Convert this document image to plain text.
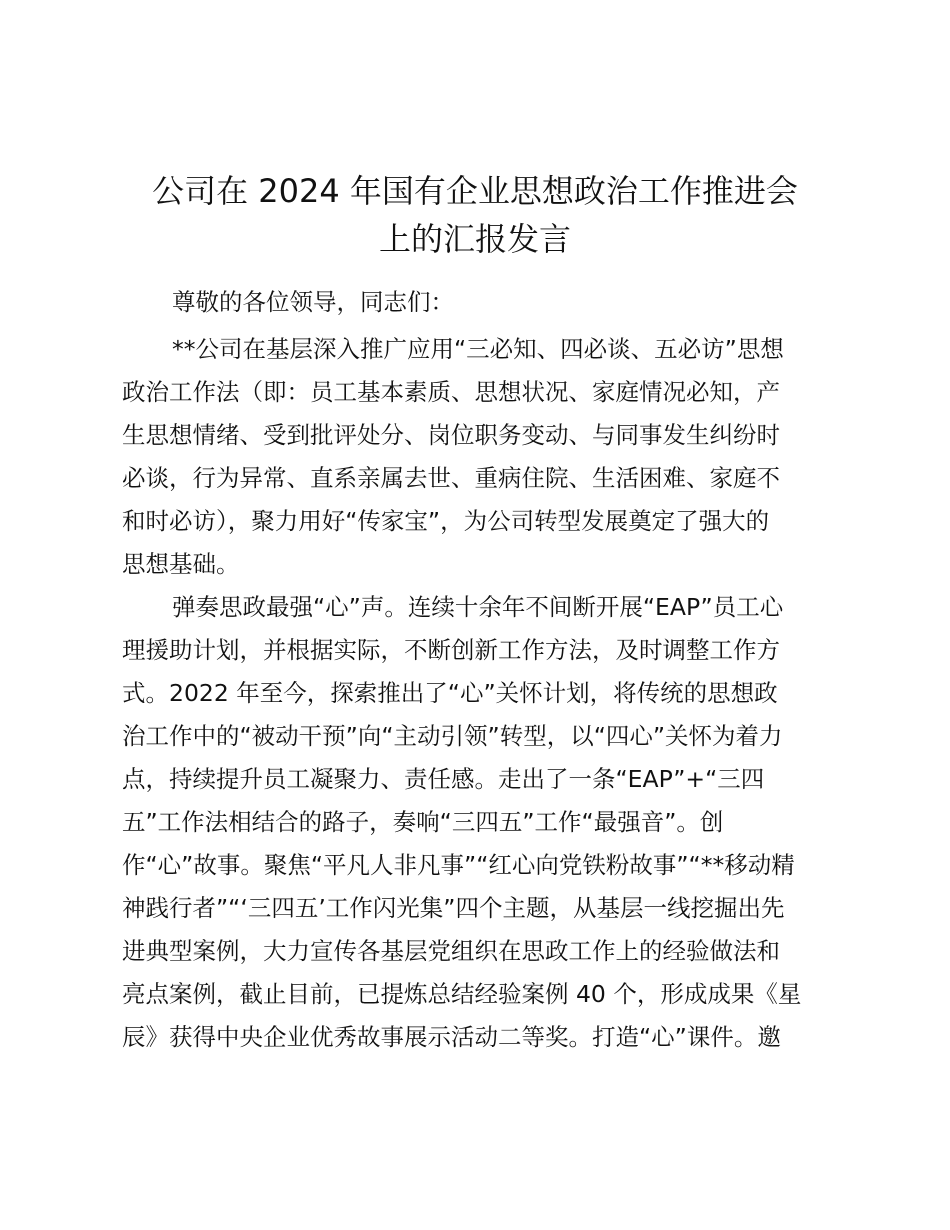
公司在 2024 年国有企业思想政治工作推进会
上的汇报发言

尊敬的各位领导，同志们：

**公司在基层深入推广应用“三必知、四必谈、五必访”思想

政治工作法（即：员工基本素质、思想状况、家庭情况必知，产

生思想情绪、受到批评处分、岗位职务变动、与同事发生纠纷时

必谈，行为异常、直系亲属去世、重病住院、生活困难、家庭不

和时必访），聚力用好“传家宝”，为公司转型发展奠定了强大的

思想基础。

弹奏思政最强“心”声。连续十余年不间断开展“EAP”员工心

理援助计划，并根据实际，不断创新工作方法，及时调整工作方

式。2022 年至今，探索推出了“心”关怀计划，将传统的思想政

治工作中的“被动干预”向“主动引领”转型，以“四心”关怀为着力

点，持续提升员工凝聚力、责任感。走出了一条“EAP”+“三四

五”工作法相结合的路子，奏响“三四五”工作“最强音”。创

作“心”故事。聚焦“平凡人非凡事”“红心向党铁粉故事”“**移动精

神践行者”“‘三四五’工作闪光集”四个主题，从基层一线挖掘出先

进典型案例，大力宣传各基层党组织在思政工作上的经验做法和

亮点案例，截止目前，已提炼总结经验案例 40 个，形成成果《星

辰》获得中央企业优秀故事展示活动二等奖。打造“心”课件。邀
